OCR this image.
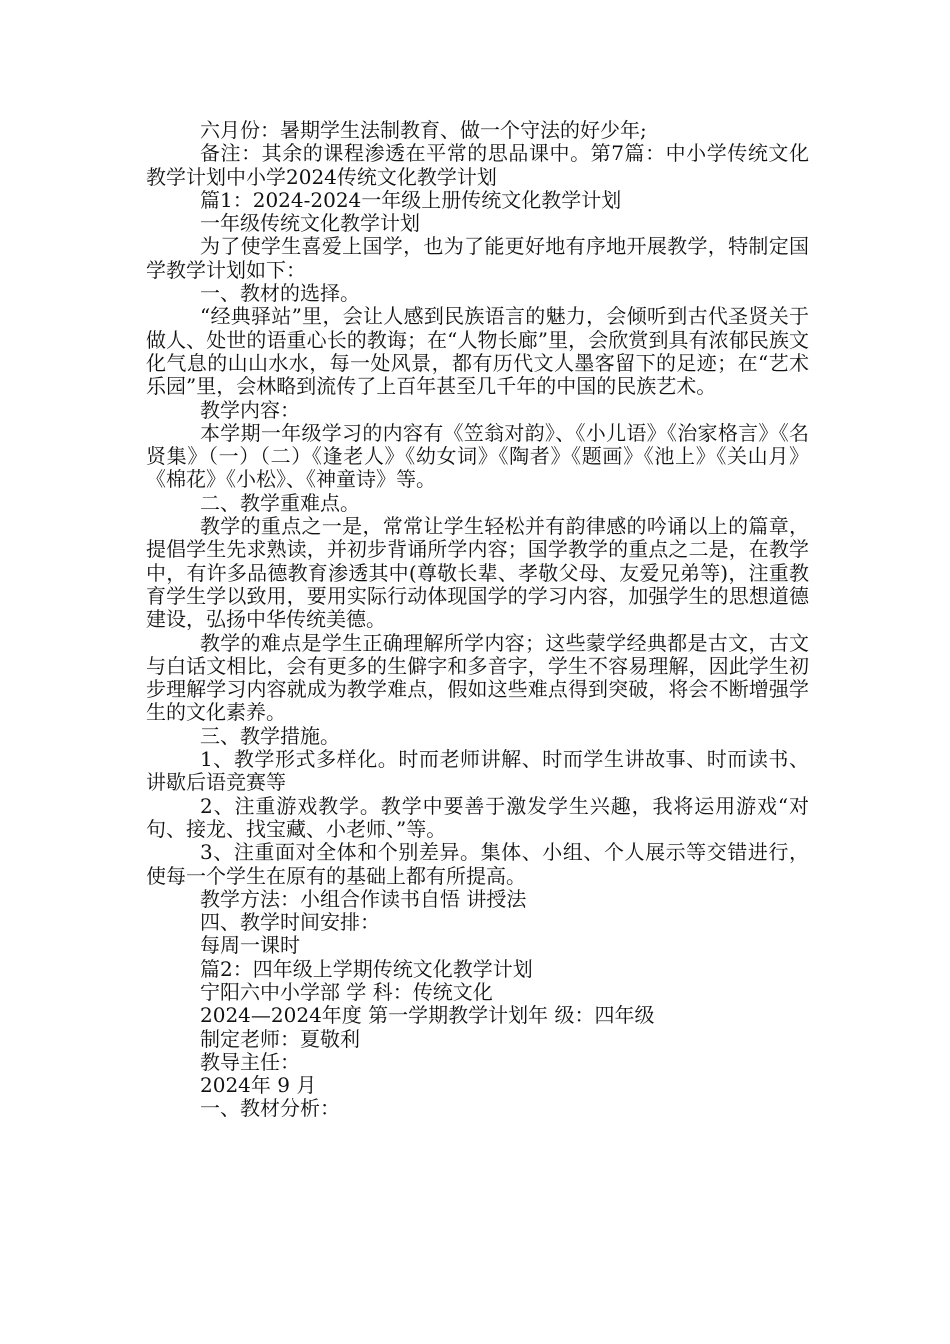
六月份：暑期学生法制教育、做一个守法的好少年;

备注：其余的课程渗透在平常的思品课中。第7篇：中小学传统文化教学计划中小学2024传统文化教学计划

篇1：2024-2024一年级上册传统文化教学计划

一年级传统文化教学计划

为了使学生喜爱上国学，也为了能更好地有序地开展教学，特制定国学教学计划如下：

一、教材的选择。

“经典驿站”里，会让人感到民族语言的魅力，会倾听到古代圣贤关于做人、处世的语重心长的教诲；在“人物长廊”里，会欣赏到具有浓郁民族文化气息的山山水水，每一处风景，都有历代文人墨客留下的足迹；在“艺术乐园”里，会林略到流传了上百年甚至几千年的中国的民族艺术。

教学内容：

本学期一年级学习的内容有《笠翁对韵》、《小儿语》《治家格言》《名贤集》（一）（二）《逢老人》《幼女词》《陶者》《题画》《池上》《关山月》《棉花》《小松》、《神童诗》等。

二、教学重难点。

教学的重点之一是，常常让学生轻松并有韵律感的吟诵以上的篇章，提倡学生先求熟读，并初步背诵所学内容；国学教学的重点之二是，在教学中，有许多品德教育渗透其中(尊敬长辈、孝敬父母、友爱兄弟等)，注重教育学生学以致用，要用实际行动体现国学的学习内容，加强学生的思想道德建设，弘扬中华传统美德。

教学的难点是学生正确理解所学内容；这些蒙学经典都是古文，古文与白话文相比，会有更多的生僻字和多音字，学生不容易理解，因此学生初步理解学习内容就成为教学难点，假如这些难点得到突破，将会不断增强学生的文化素养。

三、教学措施。

1、教学形式多样化。时而老师讲解、时而学生讲故事、时而读书、讲歇后语竞赛等

2、注重游戏教学。教学中要善于激发学生兴趣，我将运用游戏“对句、接龙、找宝藏、小老师、”等。

3、注重面对全体和个别差异。集体、小组、个人展示等交错进行，使每一个学生在原有的基础上都有所提高。

教学方法：小组合作读书自悟 讲授法

四、教学时间安排：

每周一课时

篇2：四年级上学期传统文化教学计划

宁阳六中小学部 学 科：传统文化

2024—2024年度 第一学期教学计划年 级：四年级

制定老师：夏敬利

教导主任：

2024年 9 月

一、教材分析：
